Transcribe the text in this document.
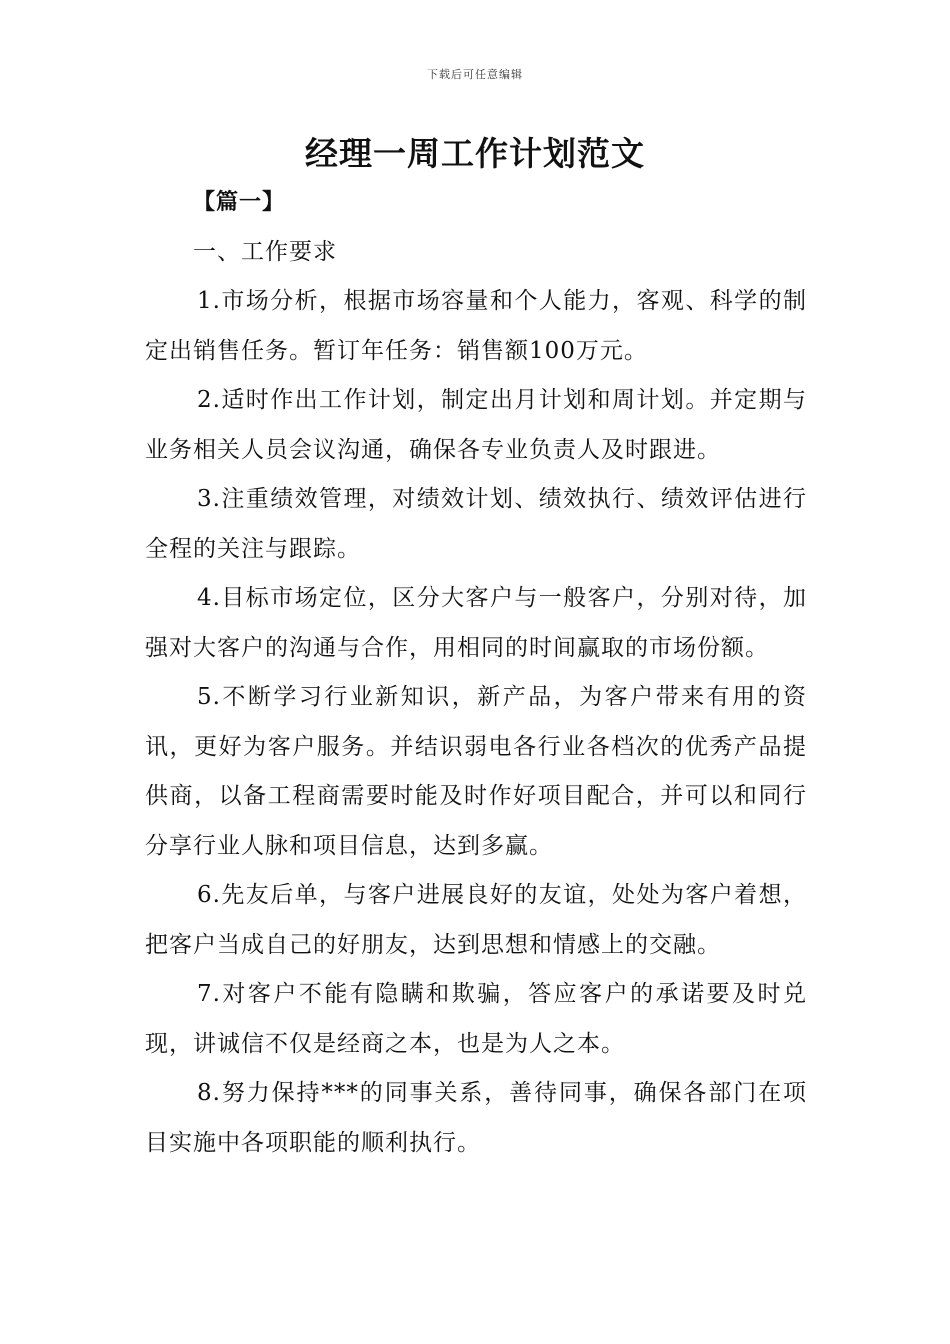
下载后可任意编辑
经理一周工作计划范文

【篇一】

一、工作要求

1.市场分析，根据市场容量和个人能力，客观、科学的制定出销售任务。暂订年任务：销售额100万元。

2.适时作出工作计划，制定出月计划和周计划。并定期与业务相关人员会议沟通，确保各专业负责人及时跟进。

3.注重绩效管理，对绩效计划、绩效执行、绩效评估进行全程的关注与跟踪。

4.目标市场定位，区分大客户与一般客户，分别对待，加强对大客户的沟通与合作，用相同的时间赢取的市场份额。

5.不断学习行业新知识，新产品，为客户带来有用的资讯，更好为客户服务。并结识弱电各行业各档次的优秀产品提供商，以备工程商需要时能及时作好项目配合，并可以和同行分享行业人脉和项目信息，达到多赢。

6.先友后单，与客户进展良好的友谊，处处为客户着想，把客户当成自己的好朋友，达到思想和情感上的交融。

7.对客户不能有隐瞒和欺骗，答应客户的承诺要及时兑现，讲诚信不仅是经商之本，也是为人之本。

8.努力保持***的同事关系，善待同事，确保各部门在项目实施中各项职能的顺利执行。
